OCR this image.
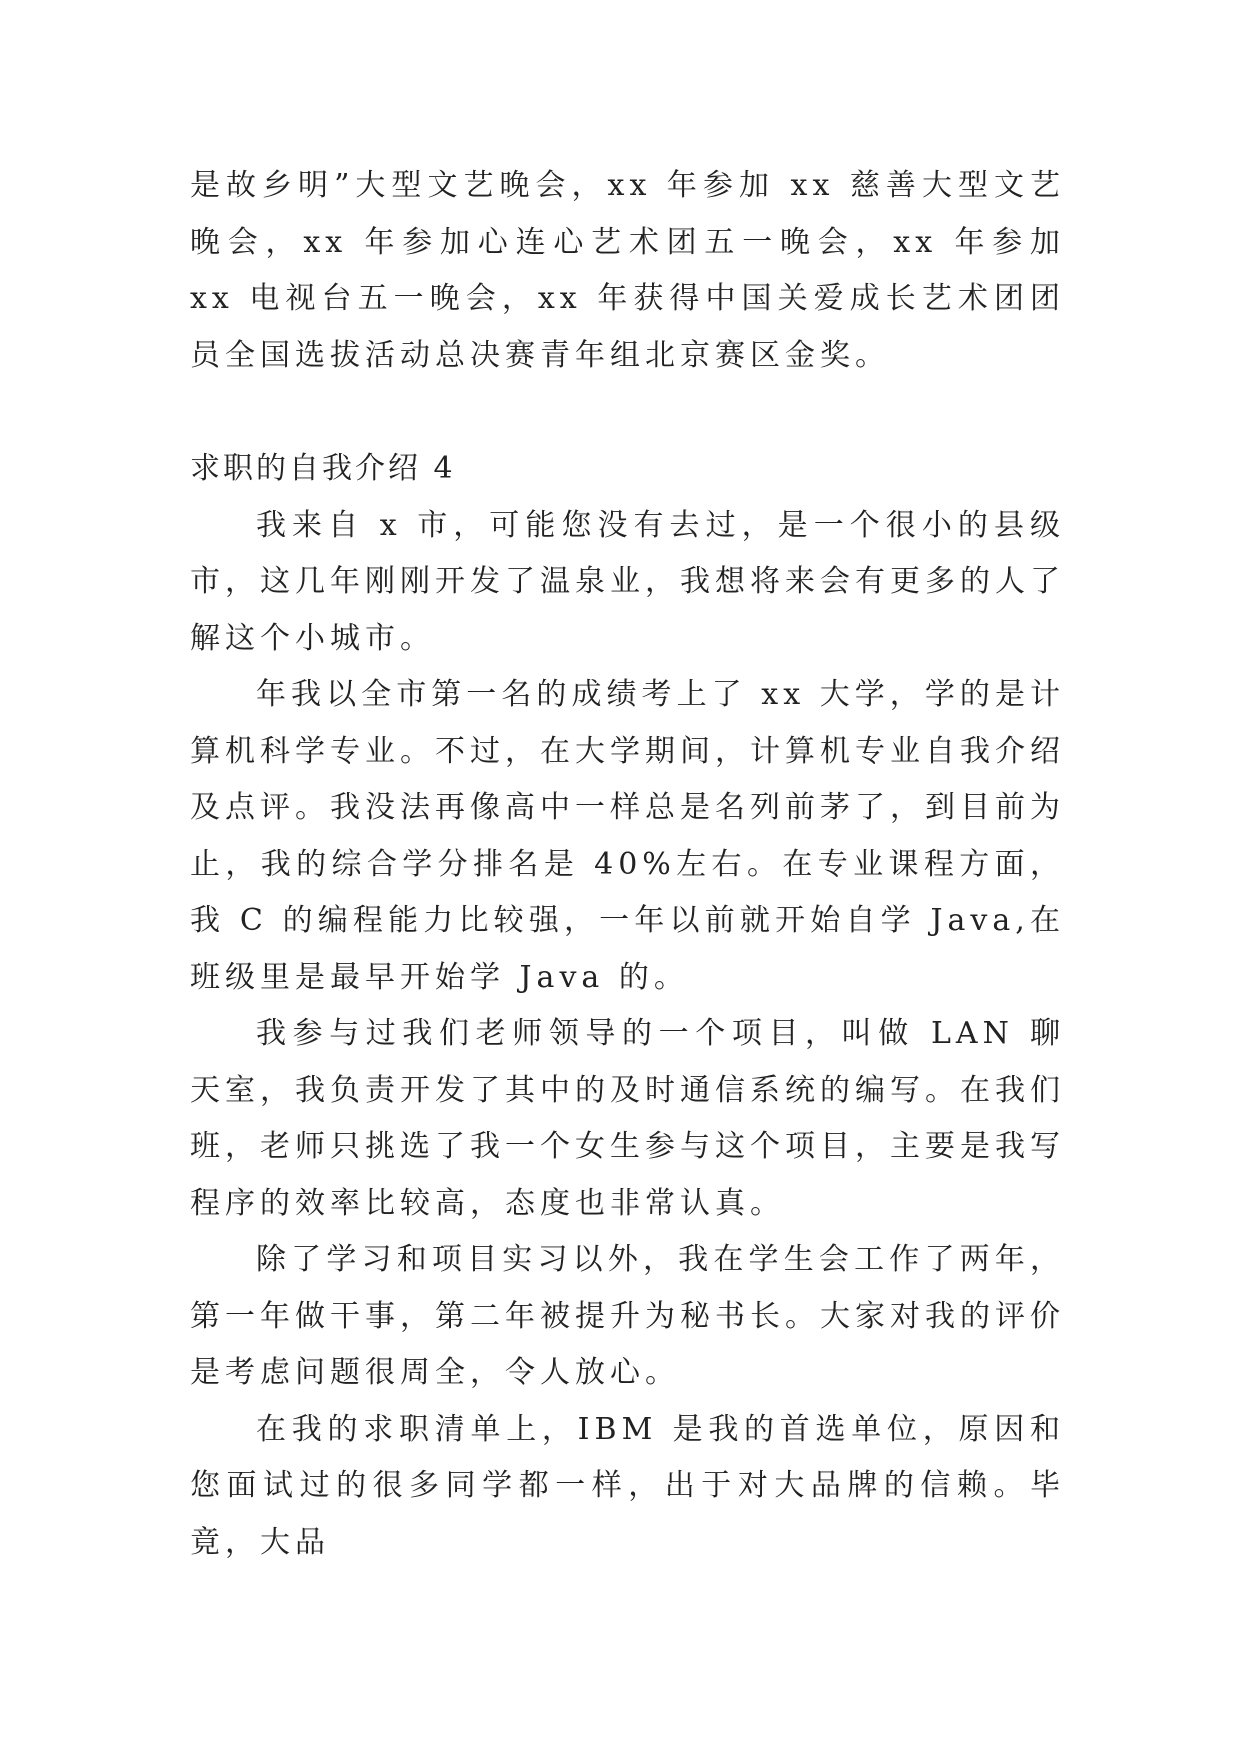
是故乡明”大型文艺晚会，xx 年参加 xx 慈善大型文艺晚会，xx 年参加心连心艺术团五一晚会，xx 年参加 xx 电视台五一晚会，xx 年获得中国关爱成长艺术团团员全国选拔活动总决赛青年组北京赛区金奖。

求职的自我介绍 4

我来自 x 市，可能您没有去过，是一个很小的县级市，这几年刚刚开发了温泉业，我想将来会有更多的人了解这个小城市。

年我以全市第一名的成绩考上了 xx 大学，学的是计算机科学专业。不过，在大学期间，计算机专业自我介绍及点评。我没法再像高中一样总是名列前茅了，到目前为止，我的综合学分排名是 40%左右。在专业课程方面，我 C 的编程能力比较强，一年以前就开始自学 Java,在班级里是最早开始学 Java 的。

我参与过我们老师领导的一个项目，叫做 LAN 聊天室，我负责开发了其中的及时通信系统的编写。在我们班，老师只挑选了我一个女生参与这个项目，主要是我写程序的效率比较高，态度也非常认真。

除了学习和项目实习以外，我在学生会工作了两年，第一年做干事，第二年被提升为秘书长。大家对我的评价是考虑问题很周全，令人放心。

在我的求职清单上，IBM 是我的首选单位，原因和您面试过的很多同学都一样，出于对大品牌的信赖。毕竟，大品
